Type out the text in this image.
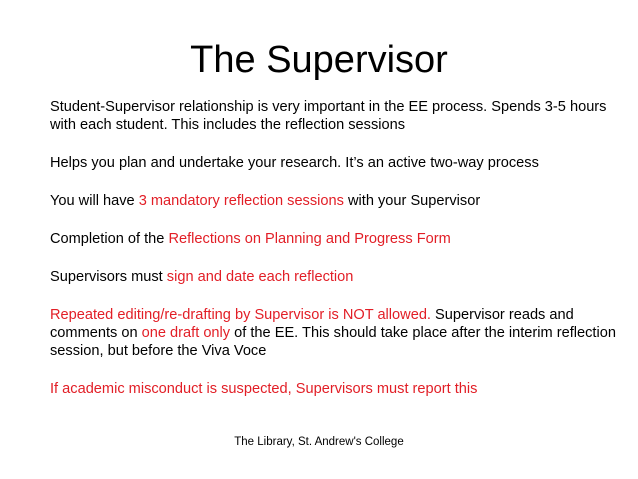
The Supervisor

Student-Supervisor relationship is very important in the EE process. Spends 3-5 hours with each student. This includes the reflection sessions

Helps you plan and undertake your research. It’s an active two-way process

You will have 3 mandatory reflection sessions with your Supervisor

Completion of the Reflections on Planning and Progress Form

Supervisors must sign and date each reflection

Repeated editing/re-drafting by Supervisor is NOT allowed. Supervisor reads and comments on one draft only of the EE. This should take place after the interim reflection session, but before the Viva Voce

If academic misconduct is suspected, Supervisors must report this

The Library, St. Andrew's College
